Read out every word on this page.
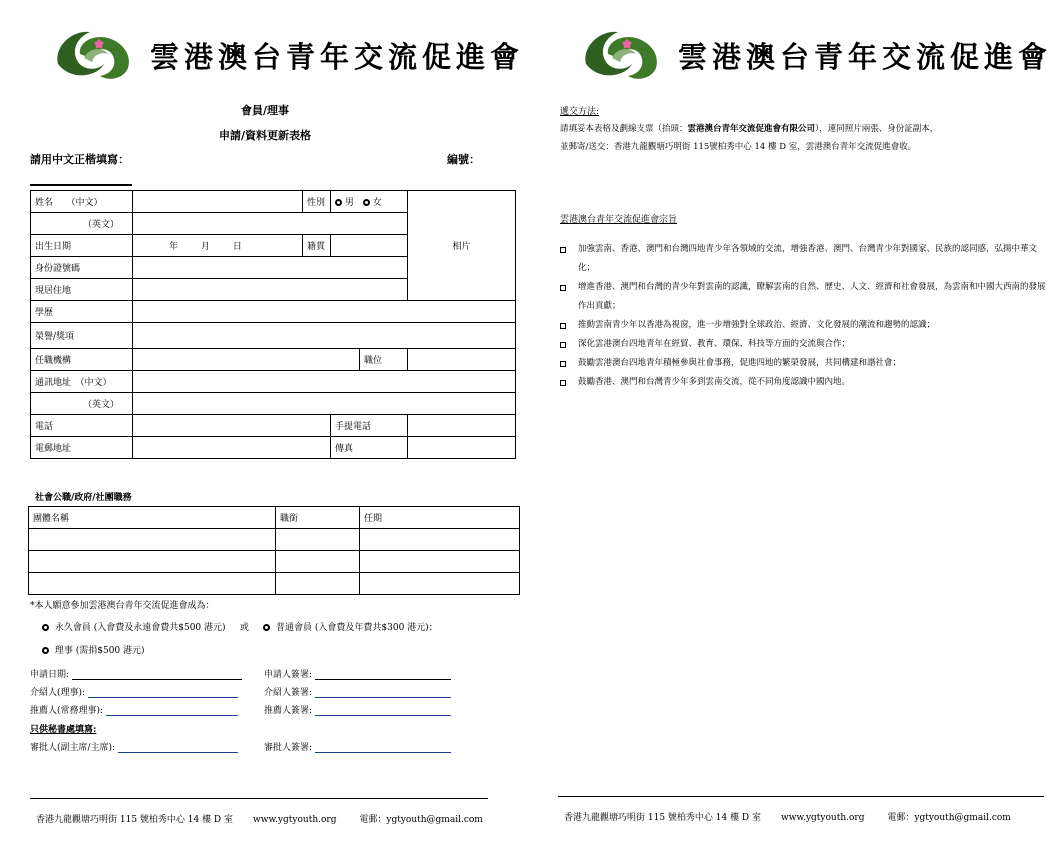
雲港澳台青年交流促進會
會員/理事
申請/資料更新表格
請用中文正楷填寫：	編號：
姓名　　（中文）		性別	男 女		相片
（英文）					
出生日期	年 月 日	籍貫			
身份證號碼					
現居住地					
學歷					
榮譽/獎項					
任職機構				職位	
通訊地址　（中文）					
（英文）					
電話			手提電話		
電郵地址			傳真		
社會公職/政府/社團職務
團體名稱	職銜	任期

*本人願意參加雲港澳台青年交流促進會成為：
永久會員 (入會費及永遠會費共$500 港元) 或	普通會員 (入會費及年費共$300 港元)；
理事 (需捐$500 港元)
申請日期:	申請人簽署:
介紹人(理事):	介紹人簽署:
推薦人(常務理事):	推薦人簽署:
只供秘書處填寫:
審批人(副主席/主席):	審批人簽署:
香港九龍觀塘巧明街 115 號柏秀中心 14 樓 D 室 www.ygtyouth.org	電郵：ygtyouth@gmail.com
雲港澳台青年交流促進會
遞交方法:
請填妥本表格及劃線支票（抬頭：雲港澳台青年交流促進會有限公司），連同照片兩張、身份証副本，
並郵寄/送交：香港九龍觀塘巧明街 115號柏秀中心 14 樓 D 室，雲港澳台青年交流促進會收。
雲港澳台青年交流促進會宗旨
加強雲南、香港、澳門和台灣四地青少年各領域的交流，增強香港、澳門、台灣青少年對國家、民族的認同感，弘揚中華文化；
增進香港、澳門和台灣的青少年對雲南的認識，瞭解雲南的自然、歷史、人文、經濟和社會發展，為雲南和中國大西南的發展作出貢獻；
推動雲南青少年以香港為視窗，進一步增強對全球政治、經濟、文化發展的潮流和趨勢的認識；
深化雲港澳台四地青年在經貿、教育、環保、科技等方面的交流與合作；
鼓勵雲港澳台四地青年積極參與社會事務，促進四地的繁榮發展，共同構建和諧社會；
鼓勵香港、澳門和台灣青少年多到雲南交流，從不同角度認識中國內地。
香港九龍觀塘巧明街 115 號柏秀中心 14 樓 D 室 www.ygtyouth.org	電郵：ygtyouth@gmail.com
